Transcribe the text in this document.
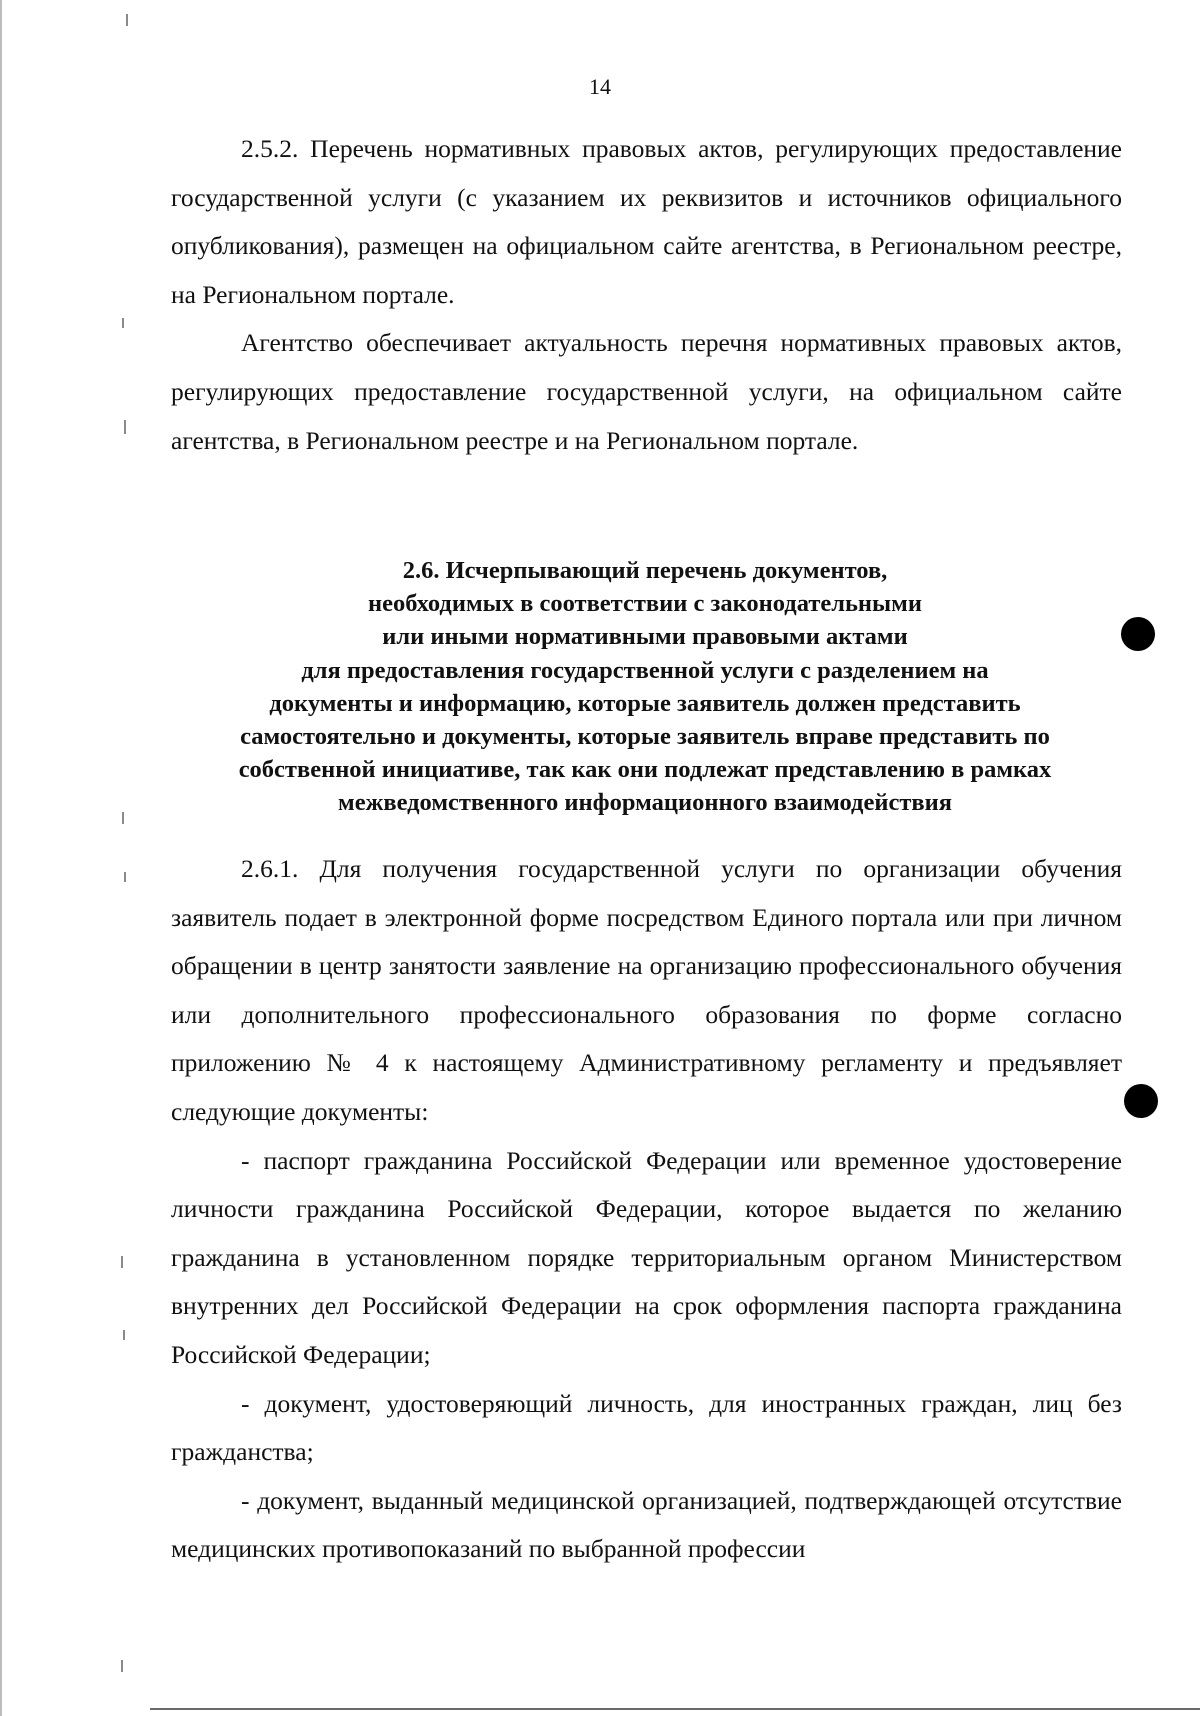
14

2.5.2. Перечень нормативных правовых актов, регулирующих предоставление государственной услуги (с указанием их реквизитов и источников официального опубликования), размещен на официальном сайте агентства, в Региональном реестре, на Региональном портале.

Агентство обеспечивает актуальность перечня нормативных правовых актов, регулирующих предоставление государственной услуги, на официальном сайте агентства, в Региональном реестре и на Региональном портале.

2.6. Исчерпывающий перечень документов,
необходимых в соответствии с законодательными
или иными нормативными правовыми актами
для предоставления государственной услуги с разделением на
документы и информацию, которые заявитель должен представить
самостоятельно и документы, которые заявитель вправе представить по
собственной инициативе, так как они подлежат представлению в рамках
межведомственного информационного взаимодействия

2.6.1. Для получения государственной услуги по организации обучения заявитель подает в электронной форме посредством Единого портала или при личном обращении в центр занятости заявление на организацию профессионального обучения или дополнительного профессионального образования по форме согласно приложению № 4 к настоящему Административному регламенту и предъявляет следующие документы:

- паспорт гражданина Российской Федерации или временное удостоверение личности гражданина Российской Федерации, которое выдается по желанию гражданина в установленном порядке территориальным органом Министерством внутренних дел Российской Федерации на срок оформления паспорта гражданина Российской Федерации;

- документ, удостоверяющий личность, для иностранных граждан, лиц без гражданства;

- документ, выданный медицинской организацией, подтверждающей отсутствие медицинских противопоказаний по выбранной профессии
